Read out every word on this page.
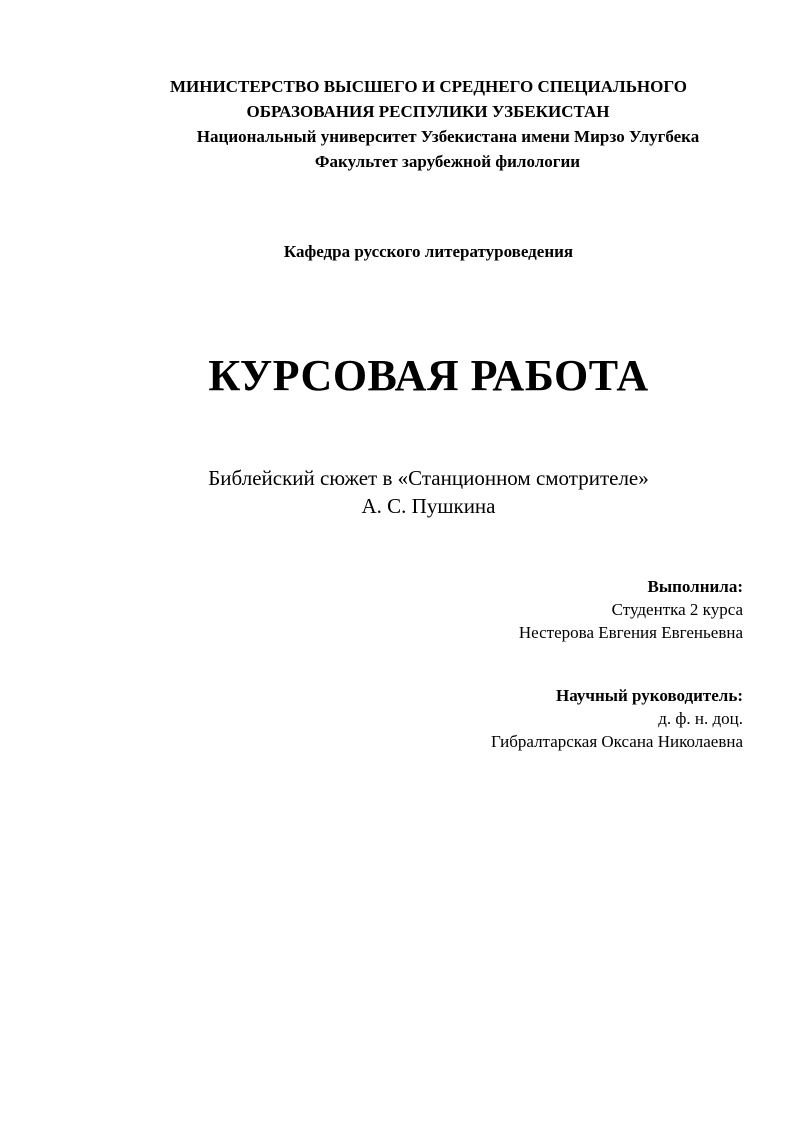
МИНИСТЕРСТВО ВЫСШЕГО И СРЕДНЕГО СПЕЦИАЛЬНОГО

ОБРАЗОВАНИЯ РЕСПУЛИКИ УЗБЕКИСТАН

Национальный университет Узбекистана имени Мирзо Улугбека

Факультет зарубежной филологии

Кафедра русского литературоведения

КУРСОВАЯ РАБОТА

Библейский сюжет в «Станционном смотрителе»

А. С. Пушкина

Выполнила:

Студентка 2 курса

Нестерова Евгения Евгеньевна

Научный руководитель:

д. ф. н. доц.

Гибралтарская Оксана Николаевна
